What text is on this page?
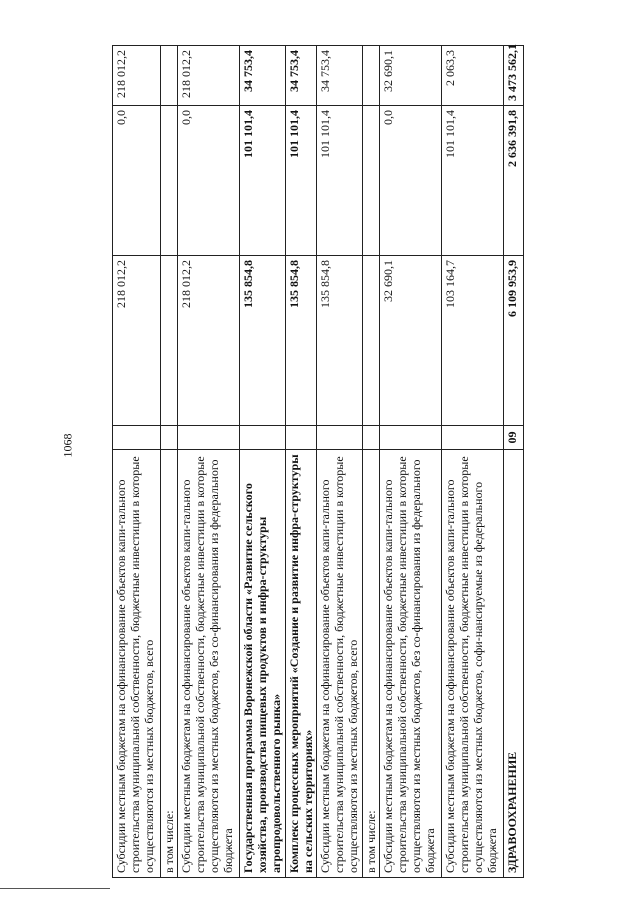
1068
Субсидии местным бюджетам на софинансирование объектов капи-тального строительства муниципальной собственности, бюджетные инвестиции в которые осуществляются из местных бюджетов, всего		218 012,2	0,0	218 012,2
в том числе:				
Субсидии местным бюджетам на софинансирование объектов капи-тального строительства муниципальной собственности, бюджетные инвестиции в которые осуществляются из местных бюджетов, без со-финансирования из федерального бюджета		218 012,2	0,0	218 012,2
Государственная программа Воронежской области «Развитие сельского хозяйства, производства пищевых продуктов и инфра-структуры агропродовольственного рынка»		135 854,8	101 101,4	34 753,4
Комплекс процессных мероприятий «Создание и развитие инфра-структуры на сельских территориях»		135 854,8	101 101,4	34 753,4
Субсидии местным бюджетам на софинансирование объектов капи-тального строительства муниципальной собственности, бюджетные инвестиции в которые осуществляются из местных бюджетов, всего		135 854,8	101 101,4	34 753,4
в том числе:				
Субсидии местным бюджетам на софинансирование объектов капи-тального строительства муниципальной собственности, бюджетные инвестиции в которые осуществляются из местных бюджетов, без со-финансирования из федерального бюджета		32 690,1	0,0	32 690,1
Субсидии местным бюджетам на софинансирование объектов капи-тального строительства муниципальной собственности, бюджетные инвестиции в которые осуществляются из местных бюджетов, софи-нансируемые из федерального бюджета		103 164,7	101 101,4	2 063,3
ЗДРАВООХРАНЕНИЕ	09	6 109 953,9	2 636 391,8	3 473 562,1
